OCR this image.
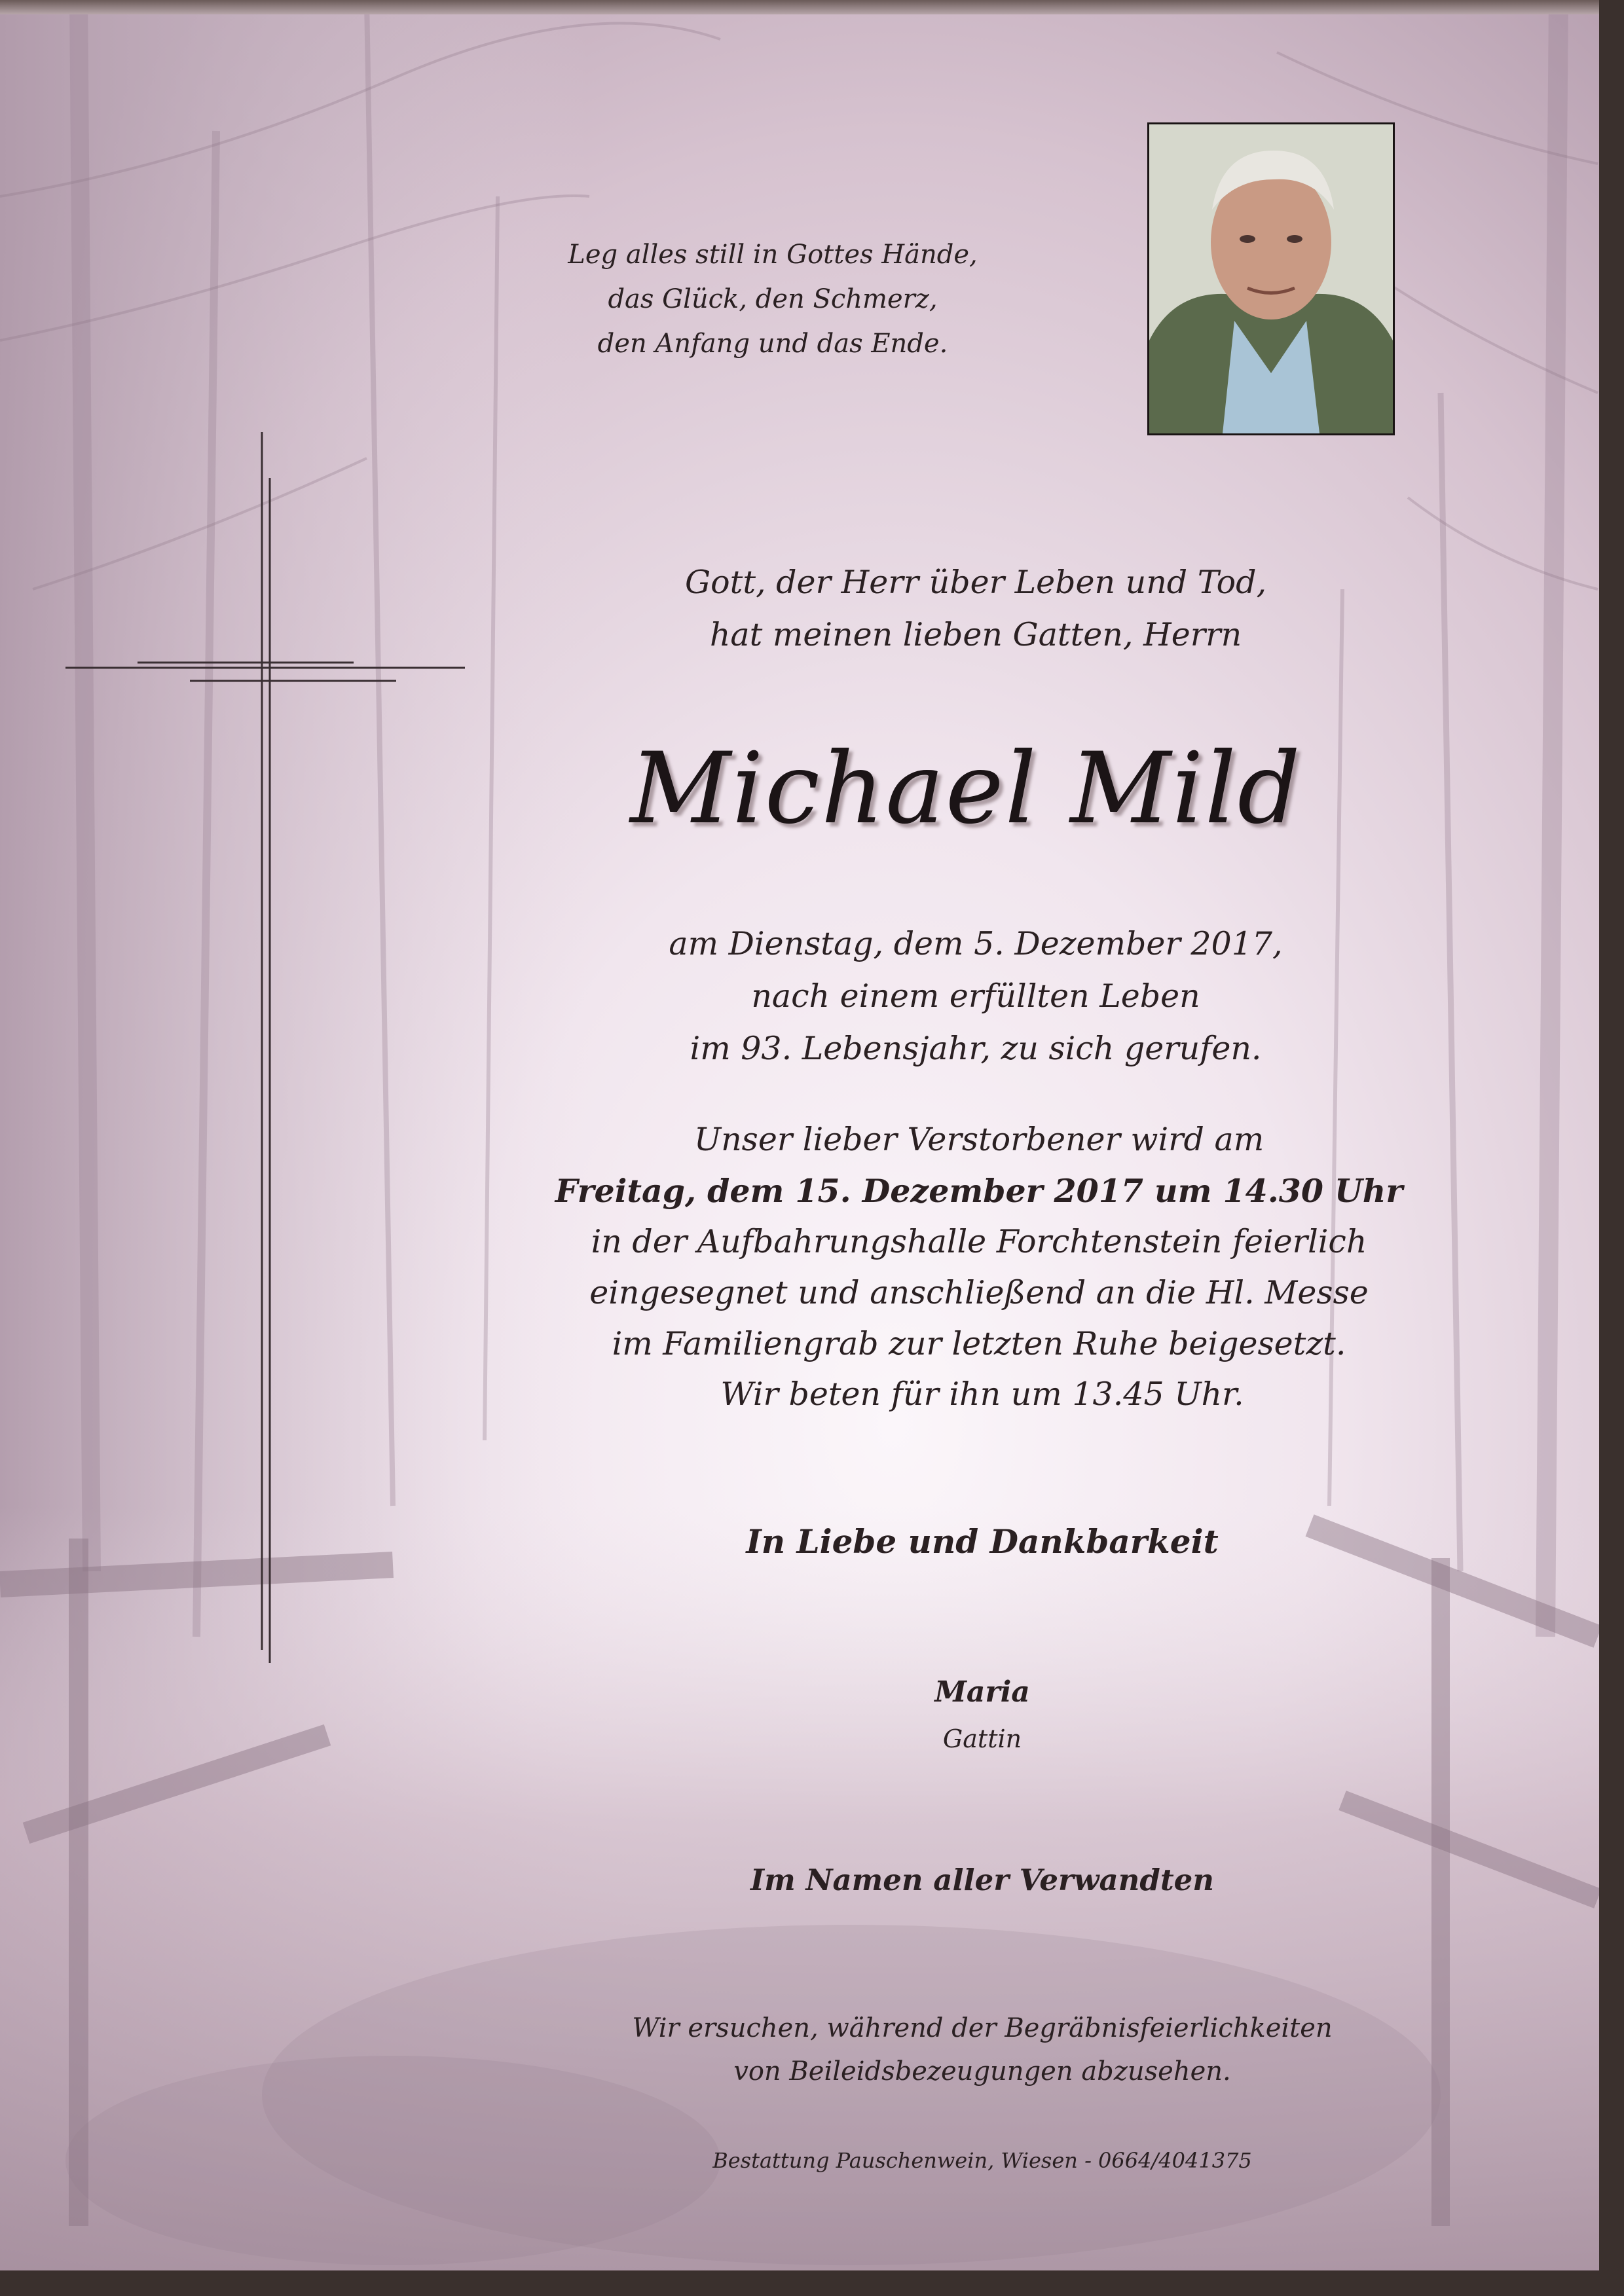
Leg alles still in Gottes Hände,
das Glück, den Schmerz,
den Anfang und das Ende.
Gott, der Herr über Leben und Tod,
hat meinen lieben Gatten, Herrn
Michael Mild
am Dienstag, dem 5. Dezember 2017,
nach einem erfüllten Leben
im 93. Lebensjahr, zu sich gerufen.
Unser lieber Verstorbener wird am
Freitag, dem 15. Dezember 2017 um 14.30 Uhr
in der Aufbahrungshalle Forchtenstein feierlich
eingesegnet und anschließend an die Hl. Messe
im Familiengrab zur letzten Ruhe beigesetzt.
Wir beten für ihn um 13.45 Uhr.
In Liebe und Dankbarkeit
Maria
Gattin
Im Namen aller Verwandten
Wir ersuchen, während der Begräbnisfeierlichkeiten
von Beileidsbezeugungen abzusehen.
Bestattung Pauschenwein, Wiesen - 0664/4041375
